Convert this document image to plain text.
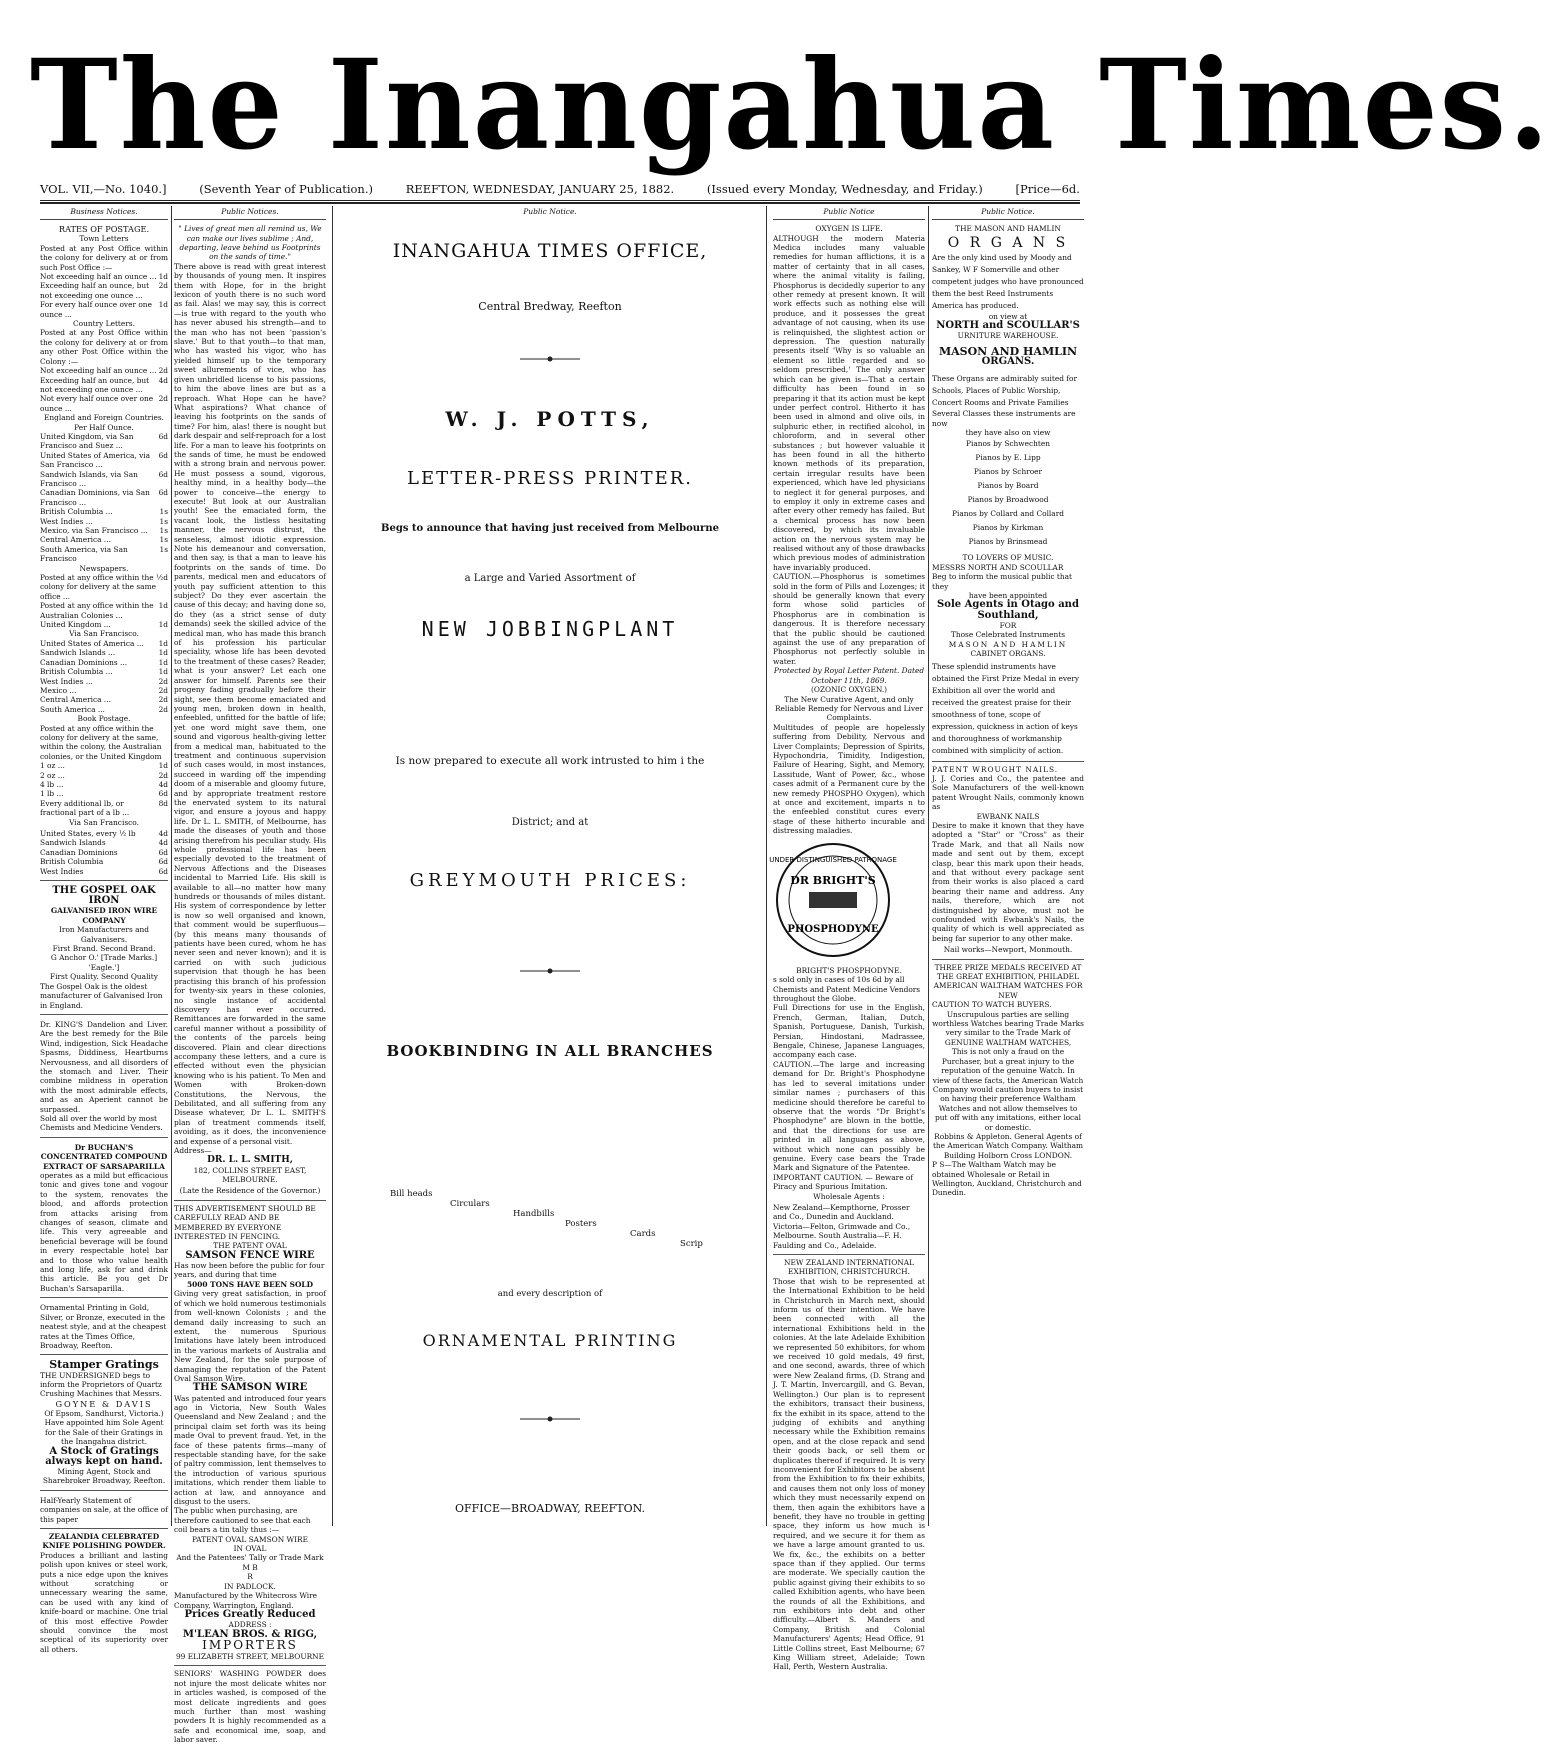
The Inangahua Times.
VOL. VII,—No. 1040.]	(Seventh Year of Publication.)	REEFTON, WEDNESDAY, JANUARY 25, 1882.	(Issued every Monday, Wednesday, and Friday.)	[Price—6d.
Business Notices.

RATES OF POSTAGE.

Town Letters

Posted at any Post Office within the colony for delivery at or from such Post Office :—

Not exceeding half an ounce ... 1d
Exceeding half an ounce, but not exceeding one ounce ...
2d
For every half ounce over one ounce ...
1d

Country Letters.

Posted at any Post Office within the colony for delivery at or from any other Post Office within the Colony :—

Not exceeding half an ounce ... 2d
Exceeding half an ounce, but not exceeding one ounce ...
4d
Not every half ounce over one ounce ...
2d

England and Foreign Countries.

Per Half Ounce.

United Kingdom, via San Francisco and Suez ...
6d
United States of America, via San Francisco ...
6d
Sandwich Islands, via San Francisco ...
6d
Canadian Dominions, via San Francisco ...
6d
British Columbia ...	1s
West Indies ...	1s
Mexico, via San Francisco ... 1s
Central America ...	1s
South America, via San Francisco
1s

Newspapers.

Posted at any office within the colony for delivery at the same office ...
½d
Posted at any office within the Australian Colonies ...
1d
United Kingdom ...	1d

Via San Francisco.

United States of America ... 1d
Sandwich Islands ...	1d
Canadian Dominions ...	1d
British Columbia ...	1d
West Indies ...	2d
Mexico ...	2d
Central America ...	2d
South America ...	2d

Book Postage.

Posted at any office within the colony for delivery at the same, within the colony, the Australian colonies, or the United Kingdom

1 oz ...	1d
2 oz ...	2d
4 lb ...	4d
1 lb ...	6d
Every additional lb, or fractional part of a lb ...
8d

Via San Francisco.

United States, every ½ lb	4d
Sandwich Islands	4d
Canadian Dominions	6d
British Columbia	6d
West Indies	6d

THE GOSPEL OAK IRON

GALVANISED IRON WIRE COMPANY

Iron Manufacturers and Galvanisers.

First Brand. Second Brand.

G Anchor O.' [Trade Marks.] 'Eagle.']

First Quality. Second Quality

The Gospel Oak is the oldest manufacturer of Galvanised Iron in England.

Dr. KING'S Dandelion and Liver. Are the best remedy for the Bile Wind, indigestion, Sick Headache Spasms, Diddiness, Heartburns Nervousness, and all disorders of the stomach and Liver. Their combine mildness in operation with the most admirable effects, and as an Aperient cannot be surpassed.

Sold all over the world by most Chemists and Medicine Venders.

Dr BUCHAN'S CONCENTRATED COMPOUND EXTRACT OF SARSAPARILLA

operates as a mild but efficacious tonic and gives tone and vogour to the system, renovates the blood, and affords protection from attacks arising from changes of season, climate and life. This very agreeable and beneficial beverage will be found in every respectable hotel bar and to those who value health and long life, ask for and drink this article. Be you get Dr Buchan's Sarsaparilla.

Ornamental Printing in Gold, Silver, or Bronze, executed in the neatest style, and at the cheapest rates at the Times Office, Broadway, Reefton.

Stamper Gratings

THE UNDERSIGNED begs to inform the Proprietors of Quartz Crushing Machines that Messrs.

GOYNE & DAVIS

Of Epsom, Sandhurst, Victoria.) Have appointed him Sole Agent for the Sale of their Gratings in the Inangahua district.

A Stock of Gratings always kept on hand.

Mining Agent, Stock and Sharebroker Broadway, Reefton.

Half-Yearly Statement of companies on sale, at the office of this paper

ZEALANDIA CELEBRATED KNIFE POLISHING POWDER.

Produces a brilliant and lasting polish upon knives or steel work, puts a nice edge upon the knives without scratching or unnecessary wearing the same, can be used with any kind of knife-board or machine. One trial of this most effective Powder should convince the most sceptical of its superiority over all others.

Public Notices.

" Lives of great men all remind us, We can make our lives sublime ; And, departing, leave behind us Footprints on the sands of time."

There above is read with great interest by thousands of young men. It inspires them with Hope, for in the bright lexicon of youth there is no such word as fail. Alas! we may say, this is correct—is true with regard to the youth who has never abused his strength—and to the man who has not been 'passion's slave.' But to that youth—to that man, who has wasted his vigor, who has yielded himself up to the temporary sweet allurements of vice, who has given unbridled license to his passions, to him the above lines are but as a reproach. What Hope can he have? What aspirations? What chance of leaving his footprints on the sands of time? For him, alas! there is nought but dark despair and self-reproach for a lost life. For a man to leave his footprints on the sands of time, he must be endowed with a strong brain and nervous power. He must possess a sound, vigorous, healthy mind, in a healthy body—the power to conceive—the energy to execute! But look at our Australian youth! See the emaciated form, the vacant look, the listless hesitating manner, the nervous distrust, the senseless, almost idiotic expression. Note his demeanour and conversation, and then say, is that a man to leave his footprints on the sands of time. Do parents, medical men and educators of youth pay sufficient attention to this subject? Do they ever ascertain the cause of this decay; and having done so, do they (as a strict sense of duty demands) seek the skilled advice of the medical man, who has made this branch of his profession his particular speciality, whose life has been devoted to the treatment of these cases? Reader, what is your answer? Let each one answer for himself. Parents see their progeny fading gradually before their sight, see them become emaciated and young men, broken down in health, enfeebled, unfitted for the battle of life; yet one word might save them, one sound and vigorous health-giving letter from a medical man, habituated to the treatment and continuous supervision of such cases would, in most instances, succeed in warding off the impending doom of a miserable and gloomy future, and by appropriate treatment restore the enervated system to its natural vigor, and ensure a joyous and happy life. Dr L. L. SMITH, of Melbourne, has made the diseases of youth and those arising therefrom his peculiar study. His whole professional life has been especially devoted to the treatment of Nervous Affections and the Diseases incidental to Married Life. His skill is available to all—no matter how many hundreds or thousands of miles distant. His system of correspondence by letter is now so well organised and known, that comment would be superfluous—(by this means many thousands of patients have been cured, whom he has never seen and never known); and it is carried on with such judicious supervision that though he has been practising this branch of his profession for twenty-six years in these colonies, no single instance of accidental discovery has ever occurred. Remittances are forwarded in the same careful manner without a possibility of the contents of the parcels being discovered. Plain and clear directions accompany these letters, and a cure is effected without even the physician knowing who is his patient. To Men and Women with Broken-down Constitutions, the Nervous, the Debilitated, and all suffering from any Disease whatever, Dr L. L. SMITH'S plan of treatment commends itself, avoiding, as it does, the inconvenience and expense of a personal visit.

Address—

DR. L. L. SMITH,

182, COLLINS STREET EAST, MELBOURNE.

(Late the Residence of the Governor.)

THIS ADVERTISEMENT SHOULD BE CAREFULLY READ AND BE MEMBERED BY EVERYONE INTERESTED IN FENCING.

THE PATENT OVAL

SAMSON FENCE WIRE

Has now been before the public for four years, and during that time

5000 TONS HAVE BEEN SOLD

Giving very great satisfaction, in proof of which we hold numerous testimonials from well-known Colonists ; and the demand daily increasing to such an extent, the numerous Spurious Imitations have lately been introduced in the various markets of Australia and New Zealand, for the sole purpose of damaging the reputation of the Patent Oval Samson Wire.

THE SAMSON WIRE

Was patented and introduced four years ago in Victoria, New South Wales Queensland and New Zealand ; and the principal claim set forth was its being made Oval to prevent fraud. Yet, in the face of these patents firms—many of respectable standing have, for the sake of paltry commission, lent themselves to the introduction of various spurious imitations, which render them liable to action at law, and annoyance and disgust to the users.

The public when purchasing, are therefore cautioned to see that each coil bears a tin tally thus :—

PATENT OVAL SAMSON WIRE

IN OVAL

And the Patentees' Tally or Trade Mark

M B

R

IN PADLOCK.

Manufactured by the Whitecross Wire Company, Warrington, England.

Prices Greatly Reduced

ADDRESS :

M'LEAN BROS. & RIGG,

IMPORTERS

99 ELIZABETH STREET, MELBOURNE

SENIORS' WASHING POWDER does not injure the most delicate whites nor in articles washed, is composed of the most delicate ingredients and goes much further than most washing powders It is highly recommended as a safe and economical ime, soap, and labor saver.

Public Notice.
INANGAHUA TIMES OFFICE,
Central Bredway, Reefton
W. J. POTTS,
LETTER-PRESS PRINTER.
Begs to announce that having just received from Melbourne
a Large and Varied Assortment of
NEW JOBBINGPLANT
Is now prepared to execute all work intrusted to him i the
District; and at
GREYMOUTH PRICES:
BOOKBINDING IN ALL BRANCHES
Bill heads
Circulars
Handbills
Posters
Cards
Scrip
and every description of
ORNAMENTAL PRINTING
OFFICE—BROADWAY, REEFTON.
Public Notice

OXYGEN IS LIFE.

ALTHOUGH the modern Materia Medica includes many valuable remedies for human afflictions, it is a matter of certainty that in all cases, where the animal vitality is failing, Phosphorus is decidedly superior to any other remedy at present known. It will work effects such as nothing else will produce, and it possesses the great advantage of not causing, when its use is relinquished, the slightest action or depression. The question naturally presents itself 'Why is so valuable an element so little regarded and so seldom prescribed,' The only answer which can be given is—That a certain difficulty has been found in so preparing it that its action must be kept under perfect control. Hitherto it has been used in almond and olive oils, in sulphuric ether, in rectified alcohol, in chloroform, and in several other substances ; but however valuable it has been found in all the hitherto known methods of its preparation, certain irregular results have been experienced, which have led physicians to neglect it for general purposes, and to employ it only in extreme cases and after every other remedy has failed. But a chemical process has now been discovered, by which its invaluable action on the nervous system may be realised without any of those drawbacks which previous modes of administration have invariably produced.

CAUTION.—Phosphorus is sometimes sold in the form of Pills and Lozenges; it should be generally known that every form whose solid particles of Phosphorus are in combination is dangerous. It is therefore necessary that the public should be cautioned against the use of any preparation of Phosphorus not perfectly soluble in water.

Protected by Royal Letter Patent. Dated October 11th, 1869.

(OZONIC OXYGEN.)

The New Curative Agent, and only Reliable Remedy for Nervous and Liver Complaints.

Multitudes of people are hopelessly suffering from Debility, Nervous and Liver Complaints; Depression of Spirits, Hypochondria, Timidity, Indigestion, Failure of Hearing, Sight, and Memory, Lassitude, Want of Power, &c., whose cases admit of a Permanent cure by the new remedy PHOSPHO Oxygen), which at once and excitement, imparts n to the enfeebled constitut cures every stage of these hitherto incurable and distressing maladies.

UNDER DISTINGUISHED PATRONAGE
DR BRIGHT'S
PHOSPHODYNE

BRIGHT'S PHOSPHODYNE.

s sold only in cases of 10s 6d by all Chemists and Patent Medicine Vendors throughout the Globe.

Full Directions for use in the English, French, German, Italian, Dutch, Spanish, Portuguese, Danish, Turkish, Persian, Hindostani, Madrassee, Bengale, Chinese, Japanese Languages, accompany each case.

CAUTION.—The large and increasing demand for Dr. Bright's Phosphodyne has led to several imitations under similar names ; purchasers of this medicine should therefore be careful to observe that the words "Dr Bright's Phosphodyne" are blown in the bottle, and that the directions for use are printed in all languages as above, without which none can possibly be genuine. Every case bears the Trade Mark and Signature of the Patentee.

IMPORTANT CAUTION. — Beware of Piracy and Spurious Imitation.

Wholesale Agents :

New Zealand—Kempthorne, Prosser and Co., Dunedin and Auckland. Victoria—Felton, Grimwade and Co., Melbourne. South Australia—F. H. Faulding and Co., Adelaide.

NEW ZEALAND INTERNATIONAL EXHIBITION, CHRISTCHURCH.

Those that wish to be represented at the International Exhibition to be held in Christchurch in March next, should inform us of their intention. We have been connected with all the international Exhibitions held in the colonies. At the late Adelaide Exhibition we represented 50 exhibitors, for whom we received 10 gold medals, 49 first, and one second, awards, three of which were New Zealand firms, (D. Strang and J. T. Martin, Invercargill, and G. Bevan, Wellington.) Our plan is to represent the exhibitors, transact their business, fix the exhibit in its space, attend to the judging of exhibits and anything necessary while the Exhibition remains open, and at the close repack and send their goods back, or sell them or duplicates thereof if required. It is very inconvenient for Exhibitors to be absent from the Exhibition to fix their exhibits, and causes them not only loss of money which they must necessarily expend on them, then again the exhibitors have a benefit, they have no trouble in getting space, they inform us how much is required, and we secure it for them as we have a large amount granted to us. We fix, &c., the exhibits on a better space than if they applied. Our terms are moderate. We specially caution the public against giving their exhibits to so called Exhibition agents, who have been the rounds of all the Exhibitions, and run exhibitors into debt and other difficulty.—Albert S. Manders and Company, British and Colonial Manufacturers' Agents; Head Office, 91 Little Collins street, East Melbourne; 67 King William street, Adelaide; Town Hall, Perth, Western Australia.

Public Notice.

THE MASON AND HAMLIN

O R G A N S

Are the only kind used by Moody and Sankey, W F Somerville and other competent judges who have pronounced them the best Reed Instruments America has produced.

on view at

NORTH and SCOULLAR'S

URNITURE WAREHOUSE.

MASON AND HAMLIN

ORGANS.

These Organs are admirably suited for Schools, Places of Public Worship, Concert Rooms and Private Families

Several Classes these instruments are now

they have also on view

Pianos by Schwechten

Pianos by E. Lipp

Pianos by Schroer

Pianos by Board

Pianos by Broadwood

Pianos by Collard and Collard

Pianos by Kirkman

Pianos by Brinsmead

TO LOVERS OF MUSIC.

MESSRS NORTH AND SCOULLAR

Beg to inform the musical public that they

have been appointed

Sole Agents in Otago and Southland,

FOR

Those Celebrated Instruments

MASON AND HAMLIN

CABINET ORGANS.

These splendid instruments have obtained the First Prize Medal in every Exhibition all over the world and received the greatest praise for their smoothness of tone, scope of expression, quickness in action of keys and thoroughness of workmanship combined with simplicity of action.

PATENT WROUGHT NAILS.

J. J. Cories and Co., the patentee and Sole Manufacturers of the well-known patent Wrought Nails, commonly known as

EWBANK NAILS

Desire to make it known that they have adopted a "Star" or "Cross" as their Trade Mark, and that all Nails now made and sent out by them, except clasp, bear this mark upon their heads, and that without every package sent from their works is also placed a card bearing their name and address. Any nails, therefore, which are not distinguished by above, must not be confounded with Ewbank's Nails, the quality of which is well appreciated as being far superior to any other make.

Nail works—Newport, Monmouth.

THREE PRIZE MEDALS RECEIVED AT THE GREAT EXHIBITION, PHILADEL

AMERICAN WALTHAM WATCHES FOR NEW

CAUTION TO WATCH BUYERS.

Unscrupulous parties are selling worthless Watches bearing Trade Marks very similar to the Trade Mark of

GENUINE WALTHAM WATCHES,

This is not only a fraud on the Purchaser, but a great injury to the reputation of the genuine Watch. In view of these facts, the American Watch Company would caution buyers to insist on having their preference Waltham Watches and not allow themselves to put off with any imitations, either local or domestic.

Robbins & Appleton. General Agents of the American Watch Company. Waltham Building Holborn Cross LONDON.

P S—The Waltham Watch may be obtained Wholesale or Retail in Wellington, Auckland, Christchurch and Dunedin.
